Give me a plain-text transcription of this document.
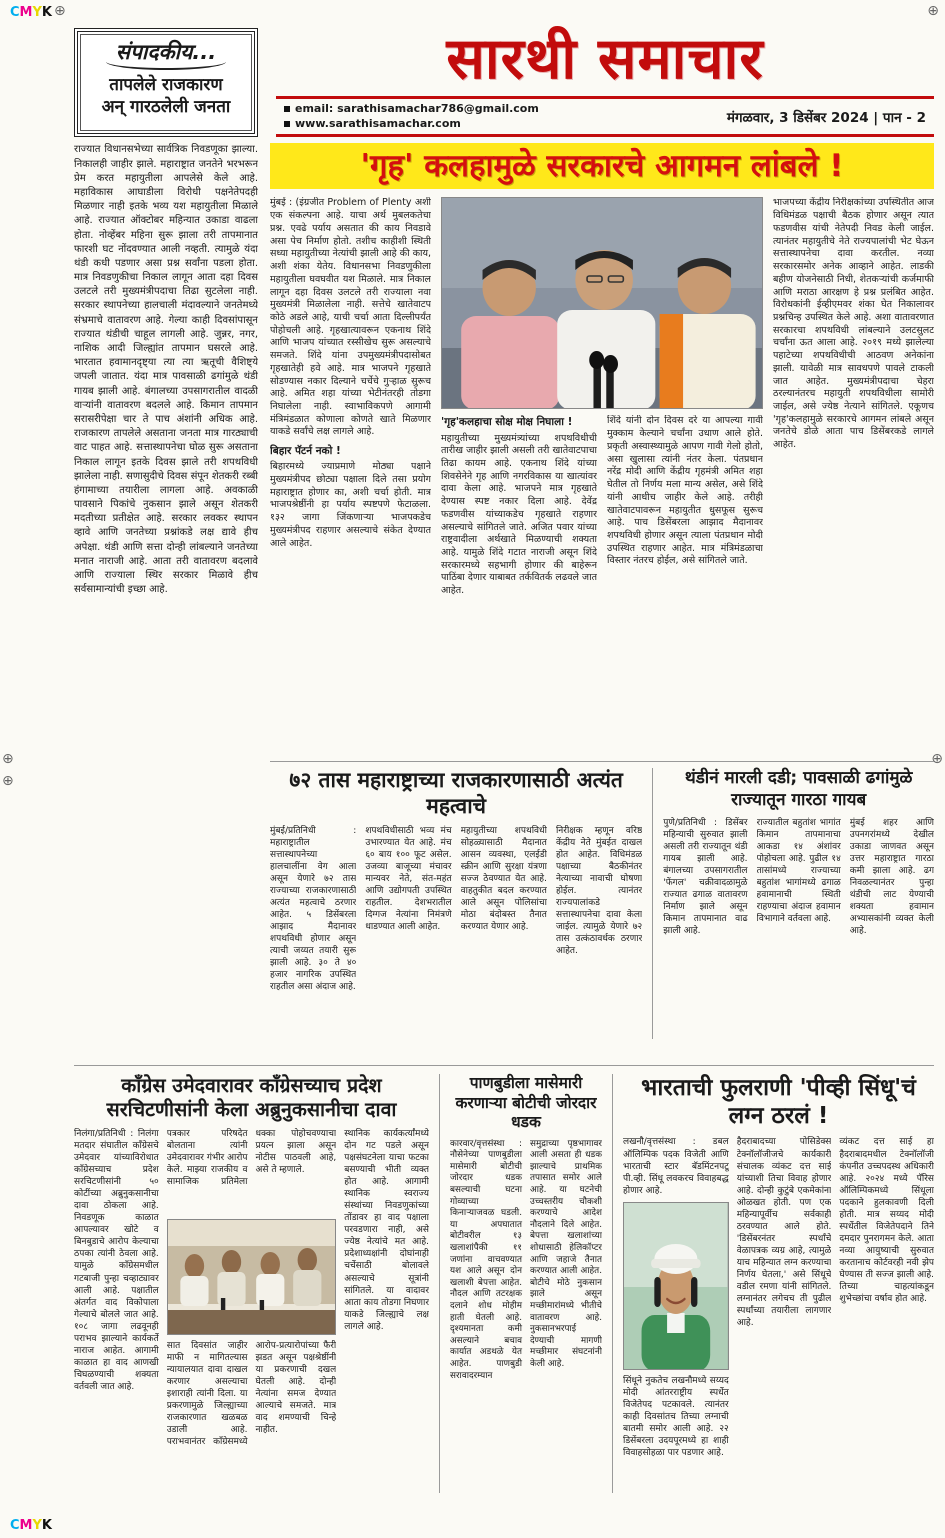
CMYK
CMYK
⊕	⊕
⊕
⊕
⊕
संपादकीय...
तापलेले राजकारण
अन् गारठलेली जनता
सारथी समाचार
email: sarathisamachar786@gmail.com
www.sarathisamachar.com	मंगळवार, 3 डिसेंबर 2024 | पान - 2
राज्यात विधानसभेच्या सार्वत्रिक निवडणूका झाल्या. निकालही जाहीर झाले. महाराष्ट्रात जनतेने भरभरून प्रेम करत महायुतीला आपलेसे केले आहे. महाविकास आघाडीला विरोधी पक्षनेतेपदही मिळणार नाही इतके भव्य यश महायुतीला मिळाले आहे. राज्यात ऑक्टोबर महिन्यात उकाडा वाढला होता. नोव्हेंबर महिना सुरू झाला तरी तापमानात फारशी घट नोंदवण्यात आली नव्हती. त्यामुळे यंदा थंडी कधी पडणार असा प्रश्न सर्वांना पडला होता. मात्र निवडणुकीचा निकाल लागून आता दहा दिवस उलटले तरी मुख्यमंत्रीपदाचा तिढा सुटलेला नाही. सरकार स्थापनेच्या हालचाली मंदावल्याने जनतेमध्ये संभ्रमाचे वातावरण आहे. गेल्या काही दिवसांपासून राज्यात थंडीची चाहूल लागली आहे. जुन्नर, नगर, नाशिक आदी जिल्ह्यांत तापमान घसरले आहे. भारतात हवामानदृष्ट्या त्या त्या ऋतूची वैशिष्ट्ये जपली जातात. यंदा मात्र पावसाळी ढगांमुळे थंडी गायब झाली आहे. बंगालच्या उपसागरातील वादळी वाऱ्यांनी वातावरण बदलले आहे. किमान तापमान सरासरीपेक्षा चार ते पाच अंशांनी अधिक आहे. राजकारण तापलेले असताना जनता मात्र गारठ्याची वाट पाहत आहे. सत्तास्थापनेचा घोळ सुरू असताना निकाल लागून इतके दिवस झाले तरी शपथविधी झालेला नाही. सणासुदीचे दिवस संपून शेतकरी रब्बी हंगामाच्या तयारीला लागला आहे. अवकाळी पावसाने पिकांचे नुकसान झाले असून शेतकरी मदतीच्या प्रतीक्षेत आहे. सरकार लवकर स्थापन व्हावे आणि जनतेच्या प्रश्नांकडे लक्ष द्यावे हीच अपेक्षा. थंडी आणि सत्ता दोन्ही लांबल्याने जनतेच्या मनात नाराजी आहे. आता तरी वातावरण बदलावे आणि राज्याला स्थिर सरकार मिळावे हीच सर्वसामान्यांची इच्छा आहे.
'गृह' कलहामुळे सरकारचे आगमन लांबले !
मुंबई : (इंग्रजीत Problem of Plenty अशी एक संकल्पना आहे. याचा अर्थ मुबलकतेचा प्रश्न. एवढे पर्याय असतात की काय निवडावे असा पेच निर्माण होतो. तशीच काहीशी स्थिती सध्या महायुतीच्या नेत्यांची झाली आहे की काय, अशी शंका येतेय. विधानसभा निवडणुकीला महायुतीला घवघवीत यश मिळाले. मात्र निकाल लागून दहा दिवस उलटले तरी राज्याला नवा मुख्यमंत्री मिळालेला नाही. सत्तेचे खातेवाटप कोठे अडले आहे, याची चर्चा आता दिल्लीपर्यंत पोहोचली आहे. गृहखात्यावरून एकनाथ शिंदे आणि भाजप यांच्यात रस्सीखेच सुरू असल्याचे समजते. शिंदे यांना उपमुख्यमंत्रीपदासोबत गृहखातेही हवे आहे. मात्र भाजपने गृहखाते सोडण्यास नकार दिल्याने चर्चेचे गुऱ्हाळ सुरूच आहे. अमित शहा यांच्या भेटीनंतरही तोडगा निघालेला नाही. स्वाभाविकपणे आगामी मंत्रिमंडळात कोणाला कोणते खाते मिळणार याकडे सर्वांचे लक्ष लागले आहे.
बिहार पॅटर्न नको !
बिहारमध्ये ज्याप्रमाणे मोठ्या पक्षाने मुख्यमंत्रीपद छोट्या पक्षाला दिले तसा प्रयोग महाराष्ट्रात होणार का, अशी चर्चा होती. मात्र भाजपश्रेष्ठींनी हा पर्याय स्पष्टपणे फेटाळला. १३२ जागा जिंकणाऱ्या भाजपकडेच मुख्यमंत्रीपद राहणार असल्याचे संकेत देण्यात आले आहेत.
'गृह'कलहाचा सोक्ष मोक्ष निघाला !
महायुतीच्या मुख्यमंत्र्यांच्या शपथविधीची तारीख जाहीर झाली असली तरी खातेवाटपाचा तिढा कायम आहे. एकनाथ शिंदे यांच्या शिवसेनेने गृह आणि नगरविकास या खात्यांवर दावा केला आहे. भाजपने मात्र गृहखाते देण्यास स्पष्ट नकार दिला आहे. देवेंद्र फडणवीस यांच्याकडेच गृहखाते राहणार असल्याचे सांगितले जाते. अजित पवार यांच्या राष्ट्रवादीला अर्थखाते मिळण्याची शक्यता आहे. यामुळे शिंदे गटात नाराजी असून शिंदे सरकारमध्ये सहभागी होणार की बाहेरून पाठिंबा देणार याबाबत तर्कवितर्क लढवले जात आहेत.
शिंदे यांनी दोन दिवस दरे या आपल्या गावी मुक्काम केल्याने चर्चांना उधाण आले होते. प्रकृती अस्वास्थ्यामुळे आपण गावी गेलो होतो, असा खुलासा त्यांनी नंतर केला. पंतप्रधान नरेंद्र मोदी आणि केंद्रीय गृहमंत्री अमित शहा घेतील तो निर्णय मला मान्य असेल, असे शिंदे यांनी आधीच जाहीर केले आहे. तरीही खातेवाटपावरून महायुतीत धुसफूस सुरूच आहे. पाच डिसेंबरला आझाद मैदानावर शपथविधी होणार असून त्याला पंतप्रधान मोदी उपस्थित राहणार आहेत. मात्र मंत्रिमंडळाचा विस्तार नंतरच होईल, असे सांगितले जाते.
भाजपच्या केंद्रीय निरीक्षकांच्या उपस्थितीत आज विधिमंडळ पक्षाची बैठक होणार असून त्यात फडणवीस यांची नेतेपदी निवड केली जाईल. त्यानंतर महायुतीचे नेते राज्यपालांची भेट घेऊन सत्तास्थापनेचा दावा करतील. नव्या सरकारसमोर अनेक आव्हाने आहेत. लाडकी बहीण योजनेसाठी निधी, शेतकऱ्यांची कर्जमाफी आणि मराठा आरक्षण हे प्रश्न प्रलंबित आहेत. विरोधकांनी ईव्हीएमवर शंका घेत निकालावर प्रश्नचिन्ह उपस्थित केले आहे. अशा वातावरणात सरकारचा शपथविधी लांबल्याने उलटसुलट चर्चांना ऊत आला आहे. २०१९ मध्ये झालेल्या पहाटेच्या शपथविधीची आठवण अनेकांना झाली. यावेळी मात्र सावधपणे पावले टाकली जात आहेत. मुख्यमंत्रीपदाचा चेहरा ठरल्यानंतरच महायुती शपथविधीला सामोरी जाईल, असे ज्येष्ठ नेत्याने सांगितले. एकूणच 'गृह'कलहामुळे सरकारचे आगमन लांबले असून जनतेचे डोळे आता पाच डिसेंबरकडे लागले आहेत.
७२ तास महाराष्ट्राच्या राजकारणासाठी अत्यंत महत्वाचे
मुंबई/प्रतिनिधी : महाराष्ट्रातील सत्तास्थापनेच्या हालचालींना वेग आला असून येणारे ७२ तास राज्याच्या राजकारणासाठी अत्यंत महत्वाचे ठरणार आहेत. ५ डिसेंबरला आझाद मैदानावर शपथविधी होणार असून त्याची जय्यत तयारी सुरू झाली आहे. ३० ते ४० हजार नागरिक उपस्थित राहतील असा अंदाज आहे.
शपथविधीसाठी भव्य मंच उभारण्यात येत आहे. मंच ६० बाय १०० फूट असेल. उजव्या बाजूच्या मंचावर मान्यवर नेते, संत-महंत आणि उद्योगपती उपस्थित राहतील. देशभरातील दिग्गज नेत्यांना निमंत्रणे धाडण्यात आली आहेत.
महायुतीच्या शपथविधी सोहळ्यासाठी मैदानात आसन व्यवस्था, एलईडी स्क्रीन आणि सुरक्षा यंत्रणा सज्ज ठेवण्यात येत आहे. वाहतुकीत बदल करण्यात आले असून पोलिसांचा मोठा बंदोबस्त तैनात करण्यात येणार आहे.
निरीक्षक म्हणून वरिष्ठ केंद्रीय नेते मुंबईत दाखल होत आहेत. विधिमंडळ पक्षाच्या बैठकीनंतर नेत्याच्या नावाची घोषणा होईल. त्यानंतर राज्यपालांकडे सत्तास्थापनेचा दावा केला जाईल. त्यामुळे येणारे ७२ तास उत्कंठावर्धक ठरणार आहेत.
थंडीनं मारली दडी; पावसाळी ढगांमुळे राज्यातून गारठा गायब
पुणे/प्रतिनिधी : डिसेंबर महिन्याची सुरुवात झाली असली तरी राज्यातून थंडी गायब झाली आहे. बंगालच्या उपसागरातील 'फेंगल' चक्रीवादळामुळे राज्यात ढगाळ वातावरण निर्माण झाले असून किमान तापमानात वाढ झाली आहे.
राज्यातील बहुतांश भागांत किमान तापमानाचा आकडा १४ अंशांवर पोहोचला आहे. पुढील १४ तासांमध्ये राज्याच्या बहुतांश भागांमध्ये ढगाळ हवामानाची स्थिती राहण्याचा अंदाज हवामान विभागाने वर्तवला आहे.
मुंबई शहर आणि उपनगरांमध्ये देखील उकाडा जाणवत असून उत्तर महाराष्ट्रात गारठा कमी झाला आहे. ढग निवळल्यानंतर पुन्हा थंडीची लाट येण्याची शक्यता हवामान अभ्यासकांनी व्यक्त केली आहे.
काँग्रेस उमेदवारावर काँग्रेसच्याच प्रदेश सरचिटणीसांनी केला अब्रुनुकसानीचा दावा
निलंगा/प्रतिनिधी : निलंगा मतदार संघातील काँग्रेसचे उमेदवार यांच्याविरोधात काँग्रेसच्याच प्रदेश सरचिटणीसांनी ५० कोटींच्या अब्रुनुकसानीचा दावा ठोकला आहे. निवडणूक काळात आपल्यावर खोटे व बिनबुडाचे आरोप केल्याचा ठपका त्यांनी ठेवला आहे. यामुळे काँग्रेसमधील गटबाजी पुन्हा चव्हाट्यावर आली आहे. पक्षातील अंतर्गत वाद विकोपाला गेल्याचे बोलले जात आहे. १०८ जागा लढवूनही पराभव झाल्याने कार्यकर्ते नाराज आहेत. आगामी काळात हा वाद आणखी चिघळण्याची शक्यता वर्तवली जात आहे.
पत्रकार परिषदेत बोलताना त्यांनी उमेदवारावर गंभीर आरोप केले. माझ्या राजकीय व सामाजिक प्रतिमेला धक्का पोहोचवण्याचा प्रयत्न झाला असून नोटीस पाठवली आहे, असे ते म्हणाले.
सात दिवसांत जाहीर माफी न मागितल्यास न्यायालयात दावा दाखल करणार असल्याचा इशाराही त्यांनी दिला. या प्रकरणामुळे जिल्ह्याच्या राजकारणात खळबळ उडाली आहे. पराभवानंतर काँग्रेसमध्ये आरोप-प्रत्यारोपांच्या फैरी झडत असून पक्षश्रेष्ठींनी या प्रकरणाची दखल घेतली आहे. दोन्ही नेत्यांना समज देण्यात आल्याचे समजते. मात्र वाद शमण्याची चिन्हे नाहीत.
स्थानिक कार्यकर्त्यांमध्ये दोन गट पडले असून पक्षसंघटनेला याचा फटका बसण्याची भीती व्यक्त होत आहे. आगामी स्थानिक स्वराज्य संस्थांच्या निवडणुकांच्या तोंडावर हा वाद पक्षाला परवडणारा नाही, असे ज्येष्ठ नेत्यांचे मत आहे. प्रदेशाध्यक्षांनी दोघांनाही चर्चेसाठी बोलावले असल्याचे सूत्रांनी सांगितले. या वादावर आता काय तोडगा निघणार याकडे जिल्ह्याचे लक्ष लागले आहे.
पाणबुडीला मासेमारी करणाऱ्या बोटीची जोरदार धडक
कारवार/वृत्तसंस्था : नौसेनेच्या पाणबुडीला मासेमारी बोटीची जोरदार धडक बसल्याची घटना गोव्याच्या किनाऱ्याजवळ घडली. या अपघातात बोटीवरील १३ खलाशांपैकी ११ जणांना वाचवण्यात यश आले असून दोन खलाशी बेपत्ता आहेत. नौदल आणि तटरक्षक दलाने शोध मोहीम हाती घेतली आहे. दृश्यमानता कमी असल्याने बचाव कार्यात अडथळे येत आहेत. पाणबुडी सरावादरम्यान समुद्राच्या पृष्ठभागावर आली असता ही धडक झाल्याचे प्राथमिक तपासात समोर आले आहे. या घटनेची उच्चस्तरीय चौकशी करण्याचे आदेश नौदलाने दिले आहेत. बेपत्ता खलाशांच्या शोधासाठी हेलिकॉप्टर आणि जहाजे तैनात करण्यात आली आहेत. बोटीचे मोठे नुकसान झाले असून मच्छीमारांमध्ये भीतीचे वातावरण आहे. नुकसानभरपाई देण्याची मागणी मच्छीमार संघटनांनी केली आहे.
भारताची फुलराणी 'पीव्ही सिंधू'चं लग्न ठरलं !
लखनौ/वृत्तसंस्था : डबल ऑलिम्पिक पदक विजेती आणि भारताची स्टार बॅडमिंटनपटू पी.व्ही. सिंधू लवकरच विवाहबद्ध होणार आहे.
सिंधूने नुकतेच लखनौमध्ये सय्यद मोदी आंतरराष्ट्रीय स्पर्धेत विजेतेपद पटकावले. त्यानंतर काही दिवसांतच तिच्या लग्नाची बातमी समोर आली आहे. २२ डिसेंबरला उदयपूरमध्ये हा शाही विवाहसोहळा पार पडणार आहे.
हैदराबादच्या पोसिडेक्स टेक्नॉलॉजीजचे कार्यकारी संचालक व्यंकट दत्त साई यांच्याशी तिचा विवाह होणार आहे. दोन्ही कुटुंबे एकमेकांना ओळखत होती. पण एक महिन्यापूर्वीच सर्वकाही ठरवण्यात आले होते. 'डिसेंबरनंतर स्पर्धांचे वेळापत्रक व्यग्र आहे, त्यामुळे याच महिन्यात लग्न करण्याचा निर्णय घेतला,' असे सिंधूचे वडील रमणा यांनी सांगितले. लग्नानंतर लगेचच ती पुढील स्पर्धांच्या तयारीला लागणार आहे.
व्यंकट दत्त साई हा हैदराबादमधील टेक्नॉलॉजी कंपनीत उच्चपदस्थ अधिकारी आहे. २०२४ मध्ये पॅरिस ऑलिम्पिकमध्ये सिंधूला पदकाने हुलकावणी दिली होती. मात्र सय्यद मोदी स्पर्धेतील विजेतेपदाने तिने दमदार पुनरागमन केले. आता नव्या आयुष्याची सुरुवात करतानाच कोर्टवरही नवी झेप घेण्यास ती सज्ज झाली आहे. तिच्या चाहत्यांकडून शुभेच्छांचा वर्षाव होत आहे.
